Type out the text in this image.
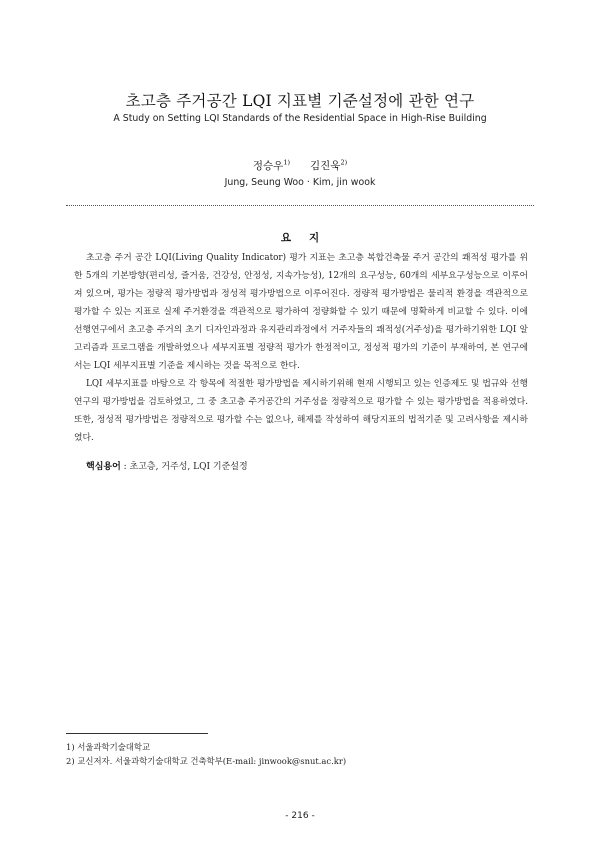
초고층 주거공간 LQI 지표별 기준설정에 관한 연구
A Study on Setting LQI Standards of the Residential Space in High-Rise Building
정승우$^{1)}$ 김진욱$^{2)}$
Jung, Seung Woo · Kim, jin wook
요 지

초고층 주거 공간 LQI(Living Quality Indicator) 평가 지표는 초고층 복합건축물 주거 공간의 쾌적성 평가를 위한 5개의 기본방향(편리성, 즐거움, 건강성, 안정성, 지속가능성), 12개의 요구성능, 60개의 세부요구성능으로 이루어져 있으며, 평가는 정량적 평가방법과 정성적 평가방법으로 이루어진다. 정량적 평가방법은 물리적 환경을 객관적으로 평가할 수 있는 지표로 실제 주거환경을 객관적으로 평가하여 정량화할 수 있기 때문에 명확하게 비교할 수 있다. 이에 선행연구에서 초고층 주거의 초기 디자인과정과 유지관리과정에서 거주자들의 쾌적성(거주성)을 평가하기위한 LQI 알고리즘과 프로그램을 개발하였으나 세부지표별 정량적 평가가 한정적이고, 정성적 평가의 기준이 부재하여, 본 연구에서는 LQI 세부지표별 기준을 제시하는 것을 목적으로 한다.

LQI 세부지표를 바탕으로 각 항목에 적절한 평가방법을 제시하기위해 현재 시행되고 있는 인증제도 및 법규와 선행연구의 평가방법을 검토하였고, 그 중 초고층 주거공간의 거주성을 정량적으로 평가할 수 있는 평가방법을 적용하였다. 또한, 정성적 평가방법은 정량적으로 평가할 수는 없으나, 해제를 작성하여 해당지표의 법적기준 및 고려사항을 제시하였다.

핵심용어 : 초고층, 거주성, LQI 기준설정
1) 서울과학기술대학교
2) 교신저자. 서울과학기술대학교 건축학부(E-mail: jinwook@snut.ac.kr)
- 216 -
